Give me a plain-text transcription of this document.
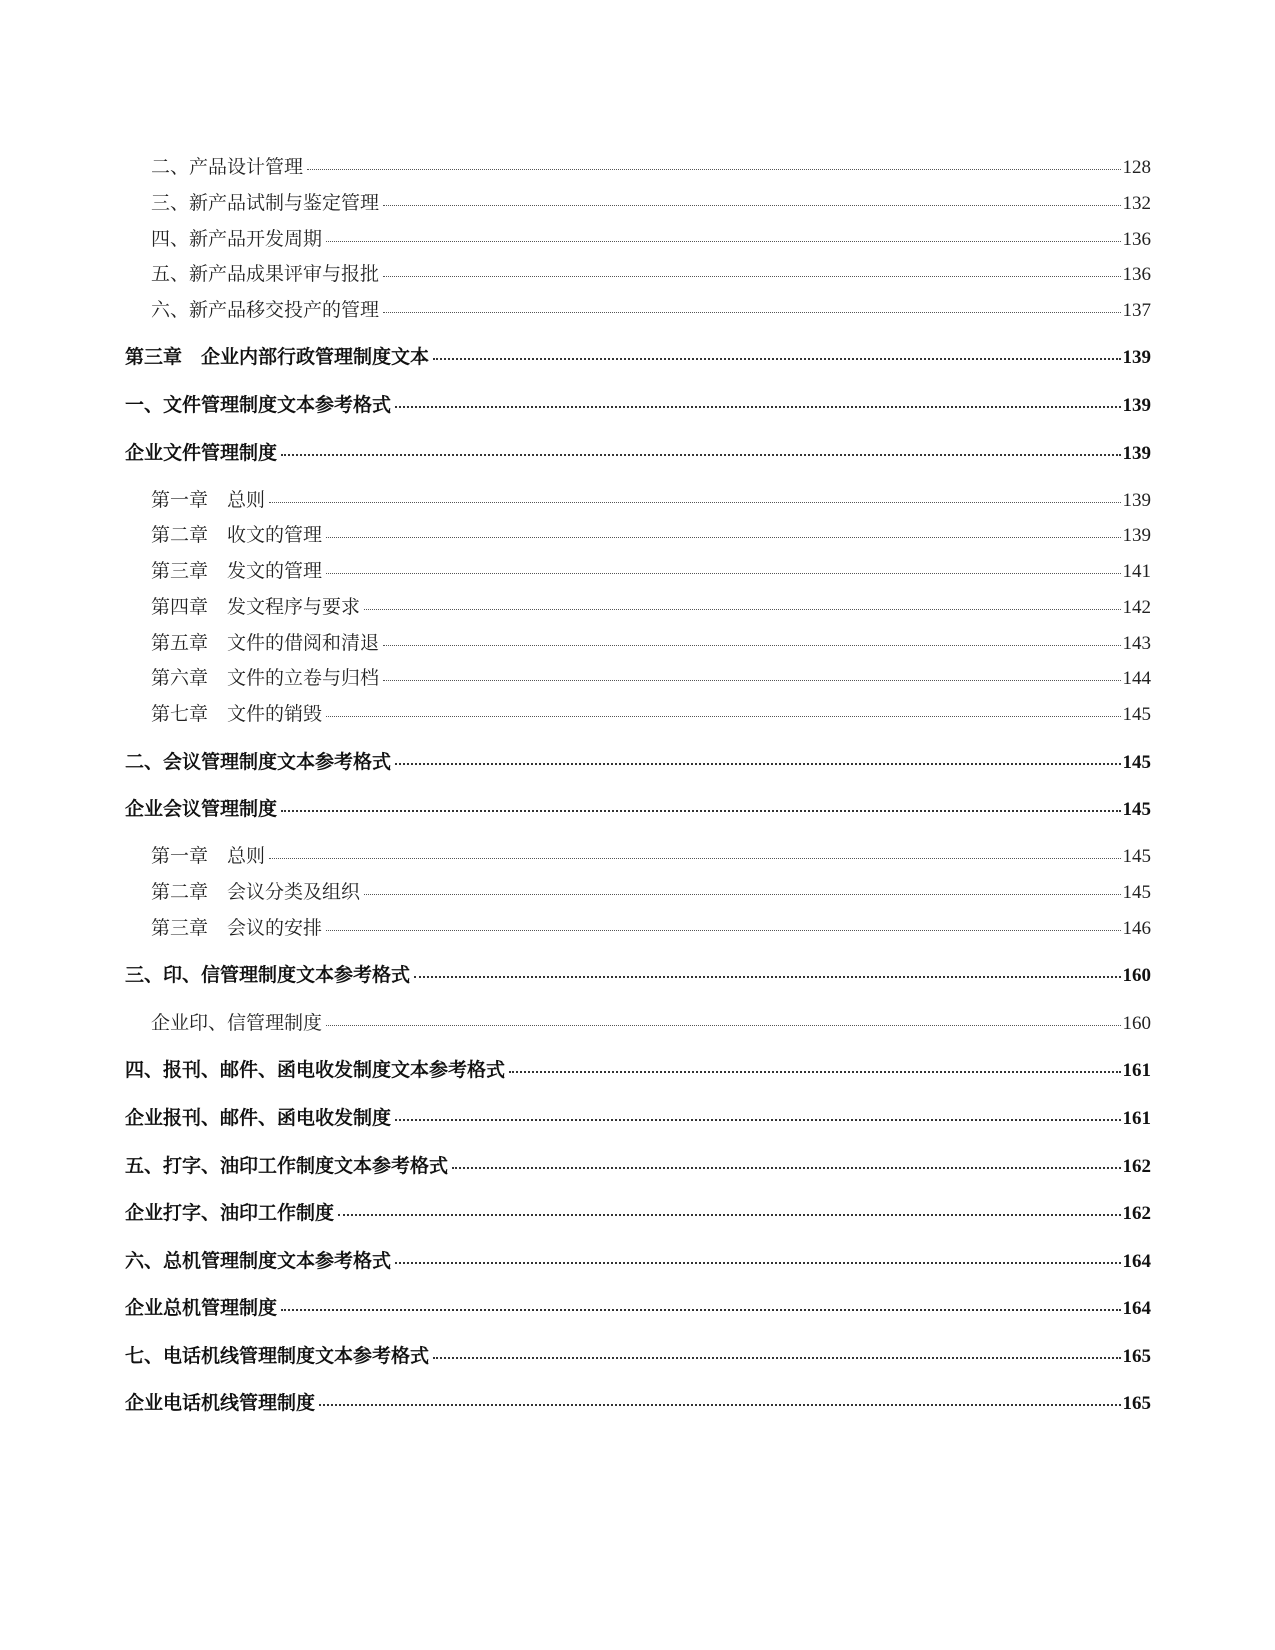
二、产品设计管理	128
三、新产品试制与鉴定管理	132
四、新产品开发周期	136
五、新产品成果评审与报批	136
六、新产品移交投产的管理	137
第三章　企业内部行政管理制度文本	139
一、文件管理制度文本参考格式	139
企业文件管理制度	139
第一章　总则	139
第二章　收文的管理	139
第三章　发文的管理	141
第四章　发文程序与要求	142
第五章　文件的借阅和清退	143
第六章　文件的立卷与归档	144
第七章　文件的销毁	145
二、会议管理制度文本参考格式	145
企业会议管理制度	145
第一章　总则	145
第二章　会议分类及组织	145
第三章　会议的安排	146
三、印、信管理制度文本参考格式	160
企业印、信管理制度	160
四、报刊、邮件、函电收发制度文本参考格式	161
企业报刊、邮件、函电收发制度	161
五、打字、油印工作制度文本参考格式	162
企业打字、油印工作制度	162
六、总机管理制度文本参考格式	164
企业总机管理制度	164
七、电话机线管理制度文本参考格式	165
企业电话机线管理制度	165
